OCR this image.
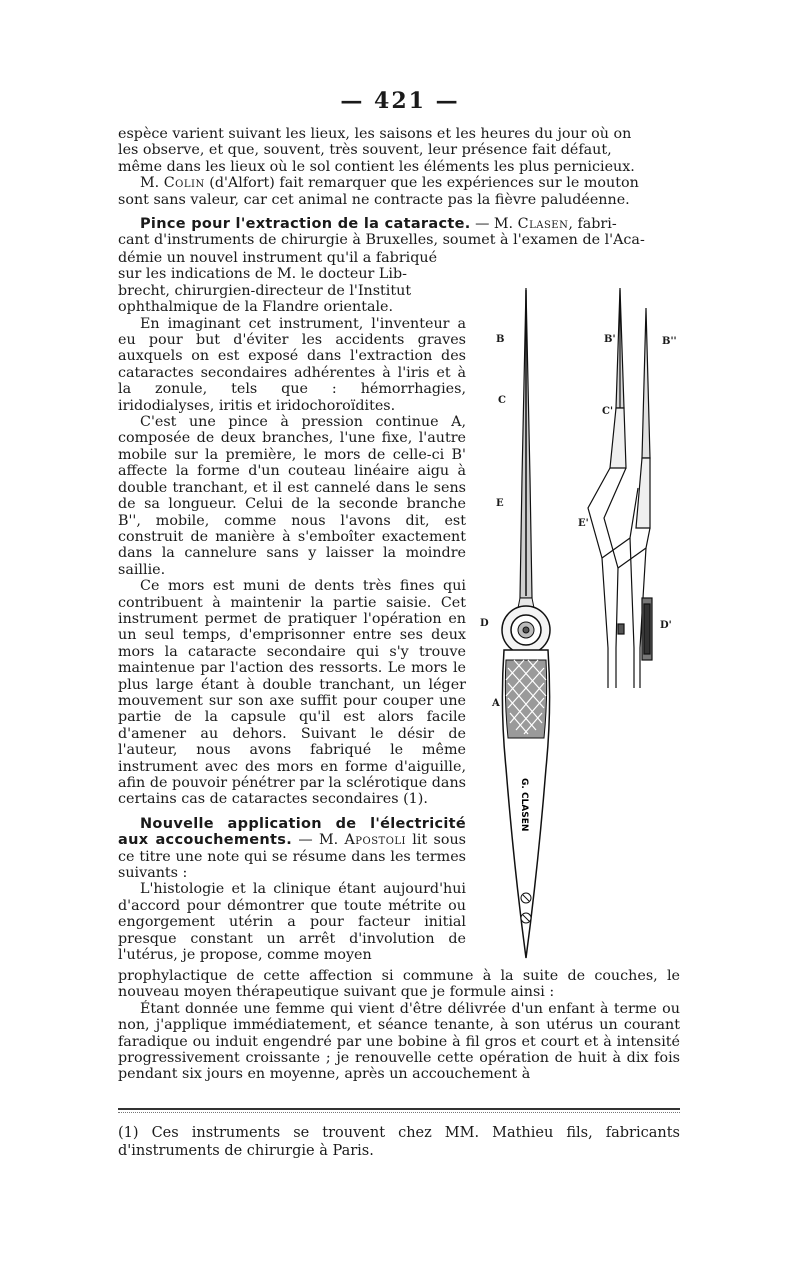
— 421 —

espèce varient suivant les lieux, les saisons et les heures du jour où on

les observe, et que, souvent, très souvent, leur présence fait défaut,

même dans les lieux où le sol contient les éléments les plus pernicieux.

M. Colin (d'Alfort) fait remarquer que les expériences sur le mouton

sont sans valeur, car cet animal ne contracte pas la fièvre paludéenne.

Pince pour l'extraction de la cataracte. — M. Clasen, fabri-

cant d'instruments de chirurgie à Bruxelles, soumet à l'examen de l'Aca-

démie un nouvel instrument qu'il a fabriqué

sur les indications de M. le docteur Lib-

brecht, chirurgien-directeur de l'Institut

ophthalmique de la Flandre orientale.

En imaginant cet instrument, l'inventeur a eu pour but d'éviter les accidents graves auxquels on est exposé dans l'extraction des cataractes secondaires adhérentes à l'iris et à la zonule, tels que : hémorrhagies, iridodialyses, iritis et iridochoroïdites.

C'est une pince à pression continue A, composée de deux branches, l'une fixe, l'autre mobile sur la première, le mors de celle-ci B' affecte la forme d'un couteau linéaire aigu à double tranchant, et il est cannelé dans le sens de sa longueur. Celui de la seconde branche B'', mobile, comme nous l'avons dit, est construit de manière à s'emboîter exactement dans la cannelure sans y laisser la moindre saillie.

Ce mors est muni de dents très fines qui contribuent à maintenir la partie saisie. Cet instrument permet de pratiquer l'opération en un seul temps, d'emprisonner entre ses deux mors la cataracte secondaire qui s'y trouve maintenue par l'action des ressorts. Le mors le plus large étant à double tranchant, un léger mouvement sur son axe suffit pour couper une partie de la capsule qu'il est alors facile d'amener au dehors. Suivant le désir de l'auteur, nous avons fabriqué le même instrument avec des mors en forme d'aiguille, afin de pouvoir pénétrer par la sclérotique dans certains cas de cataractes secondaires (1).

Nouvelle application de l'électricité aux accouchements. — M. Apostoli lit sous ce titre une note qui se résume dans les termes suivants :

L'histologie et la clinique étant aujourd'hui d'accord pour démontrer que toute métrite ou engorgement utérin a pour facteur initial presque constant un arrêt d'involution de l'utérus, je propose, comme moyen

prophylactique de cette affection si commune à la suite de couches, le nouveau moyen thérapeutique suivant que je formule ainsi :

Étant donnée une femme qui vient d'être délivrée d'un enfant à terme ou non, j'applique immédiatement, et séance tenante, à son utérus un courant faradique ou induit engendré par une bobine à fil gros et court et à intensité progressivement croissante ; je renouvelle cette opération de huit à dix fois pendant six jours en moyenne, après un accouchement à

(1) Ces instruments se trouvent chez MM. Mathieu fils, fabricants d'instruments de chirurgie à Paris.
G. CLASEN
B	B'	B''
C
C'
E
E'
D	D'
A
